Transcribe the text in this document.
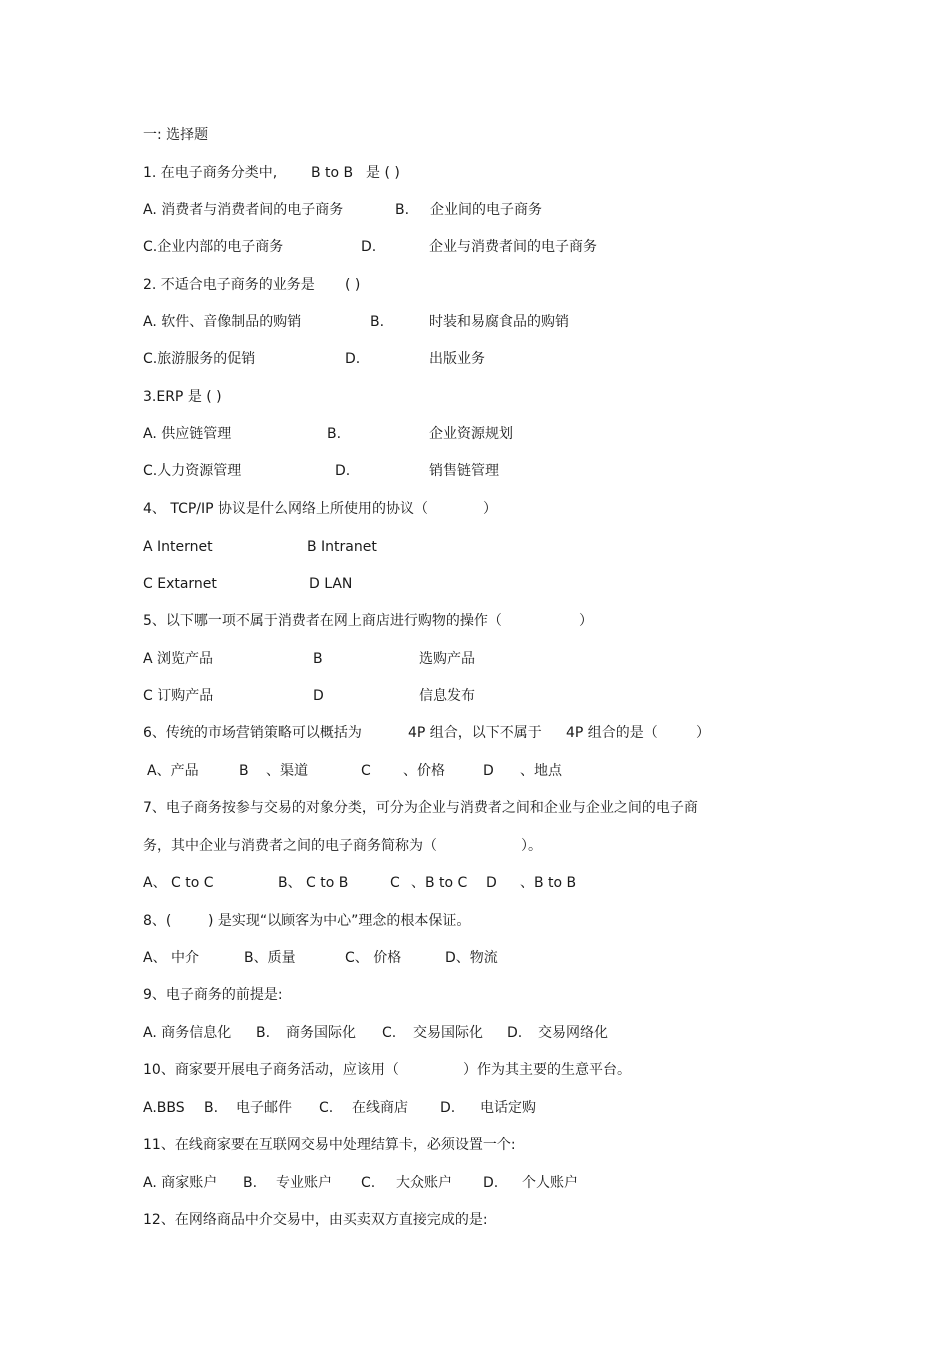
一: 选择题
1. 在电子商务分类中, B to B 是 ( )
A. 消费者与消费者间的电子商务	B. 企业间的电子商务
C.企业内部的电子商务	D.	企业与消费者间的电子商务
2. 不适合电子商务的业务是 ( )
A. 软件、音像制品的购销	B.	时装和易腐食品的购销
C.旅游服务的促销	D.	出版业务
3.ERP 是 ( )
A. 供应链管理	B.	企业资源规划
C.人力资源管理	D.	销售链管理
4、 TCP/IP 协议是什么网络上所使用的协议（	）
A Internet	B Intranet
C Extarnet	D LAN
5、以下哪一项不属于消费者在网上商店进行购物的操作（	）
A 浏览产品	B	选购产品
C 订购产品	D	信息发布
6、传统的市场营销策略可以概括为	4P 组合，以下不属于 4P 组合的是（	）
A、产品	B 、渠道	C 、价格	D 、地点
7、电子商务按参与交易的对象分类，可分为企业与消费者之间和企业与企业之间的电子商
务，其中企业与消费者之间的电子商务简称为（	）。
A、 C to C	B、 C to B	C 、B to C D 、B to B
8、(	) 是实现“以顾客为中心”理念的根本保证。
A、 中介	B、质量	C、 价格	D、物流
9、电子商务的前提是:
A. 商务信息化 B. 商务国际化 C. 交易国际化 D. 交易网络化
10、商家要开展电子商务活动，应该用（	）作为其主要的生意平台。
A.BBS B. 电子邮件 C. 在线商店 D. 电话定购
11、在线商家要在互联网交易中处理结算卡，必须设置一个:
A. 商家账户 B. 专业账户 C. 大众账户 D. 个人账户
12、在网络商品中介交易中，由买卖双方直接完成的是:
